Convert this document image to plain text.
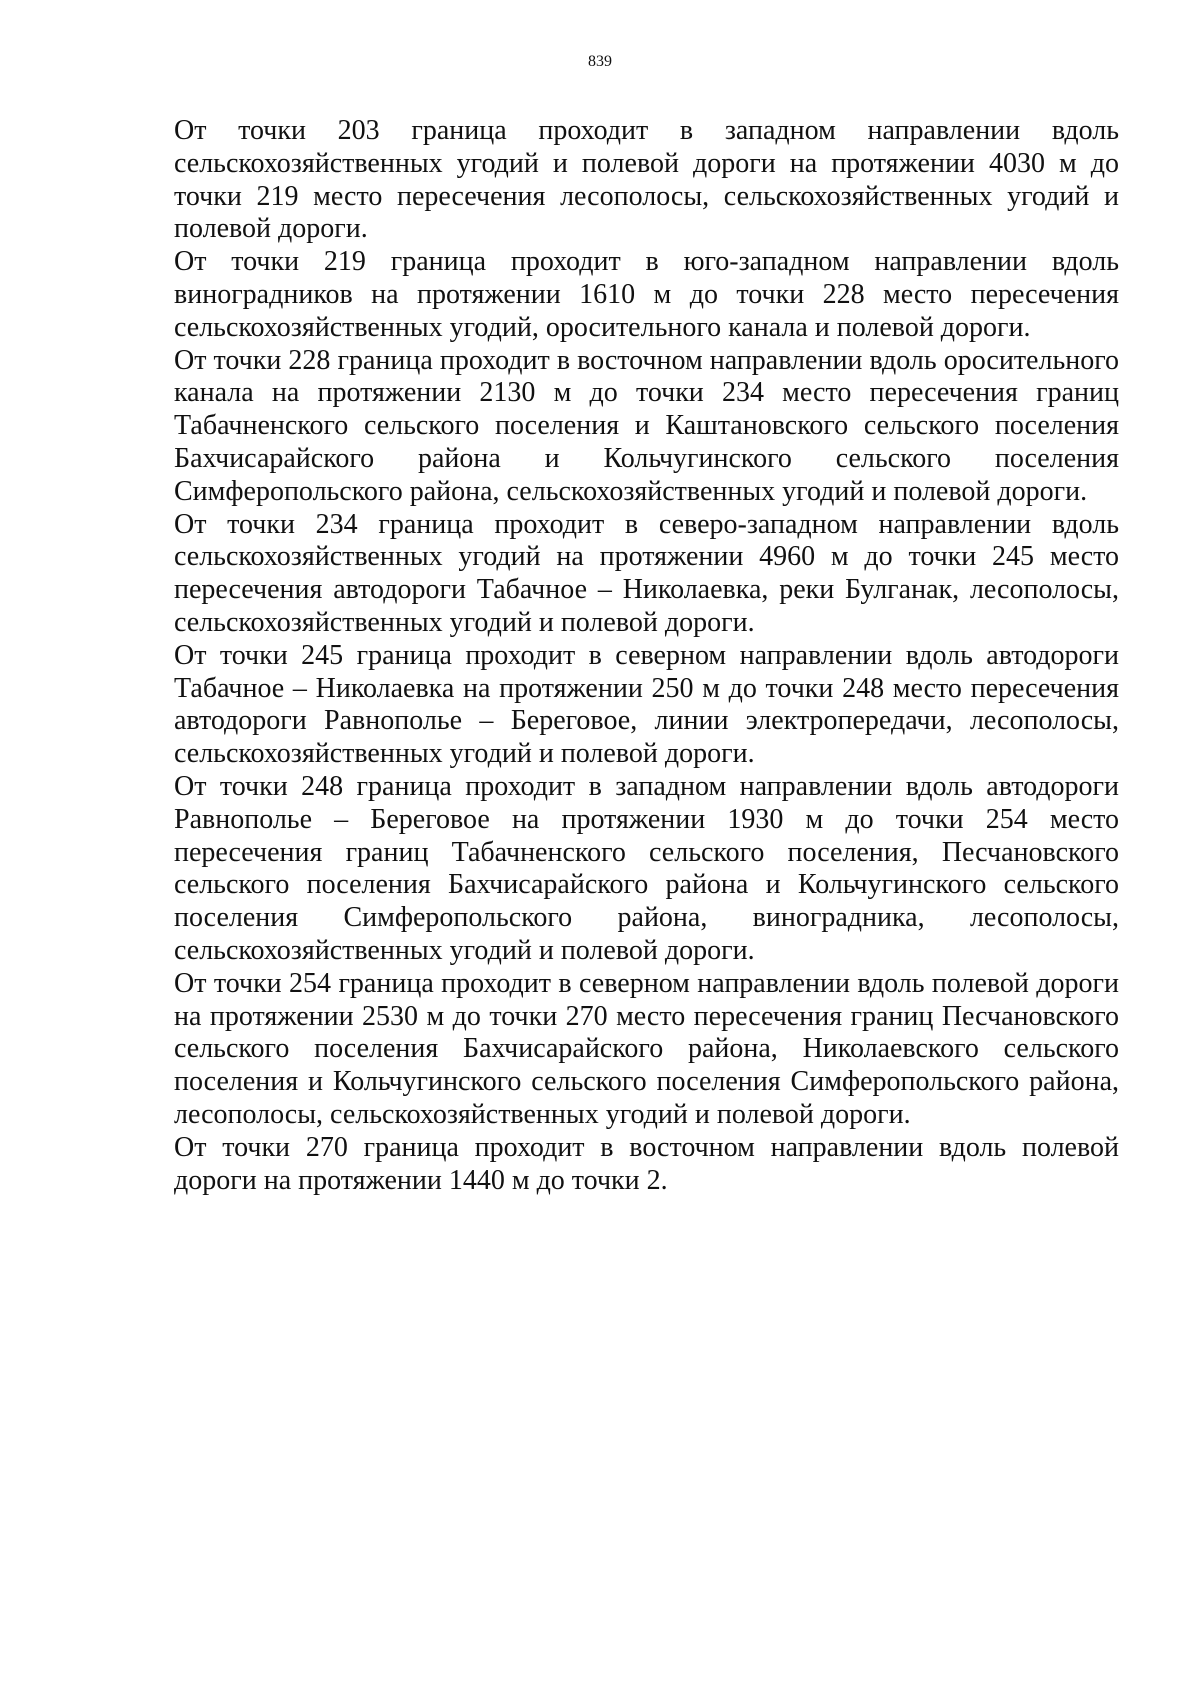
839

От точки 203 граница проходит в западном направлении вдоль сельскохозяйственных угодий и полевой дороги на протяжении 4030 м до точки 219 место пересечения лесополосы, сельскохозяйственных угодий и полевой дороги.

От точки 219 граница проходит в юго-западном направлении вдоль виноградников на протяжении 1610 м до точки 228 место пересечения сельскохозяйственных угодий, оросительного канала и полевой дороги.

От точки 228 граница проходит в восточном направлении вдоль оросительного канала на протяжении 2130 м до точки 234 место пересечения границ Табачненского сельского поселения и Каштановского сельского поселения Бахчисарайского района и Кольчугинского сельского поселения Симферопольского района, сельскохозяйственных угодий и полевой дороги.

От точки 234 граница проходит в северо-западном направлении вдоль сельскохозяйственных угодий на протяжении 4960 м до точки 245 место пересечения автодороги Табачное – Николаевка, реки Булганак, лесополосы, сельскохозяйственных угодий и полевой дороги.

От точки 245 граница проходит в северном направлении вдоль автодороги Табачное – Николаевка на протяжении 250 м до точки 248 место пересечения автодороги Равнополье – Береговое, линии электропередачи, лесополосы, сельскохозяйственных угодий и полевой дороги.

От точки 248 граница проходит в западном направлении вдоль автодороги Равнополье – Береговое на протяжении 1930 м до точки 254 место пересечения границ Табачненского сельского поселения, Песчановского сельского поселения Бахчисарайского района и Кольчугинского сельского поселения Симферопольского района, виноградника, лесополосы, сельскохозяйственных угодий и полевой дороги.

От точки 254 граница проходит в северном направлении вдоль полевой дороги на протяжении 2530 м до точки 270 место пересечения границ Песчановского сельского поселения Бахчисарайского района, Николаевского сельского поселения и Кольчугинского сельского поселения Симферопольского района, лесополосы, сельскохозяйственных угодий и полевой дороги.

От точки 270 граница проходит в восточном направлении вдоль полевой дороги на протяжении 1440 м до точки 2.
